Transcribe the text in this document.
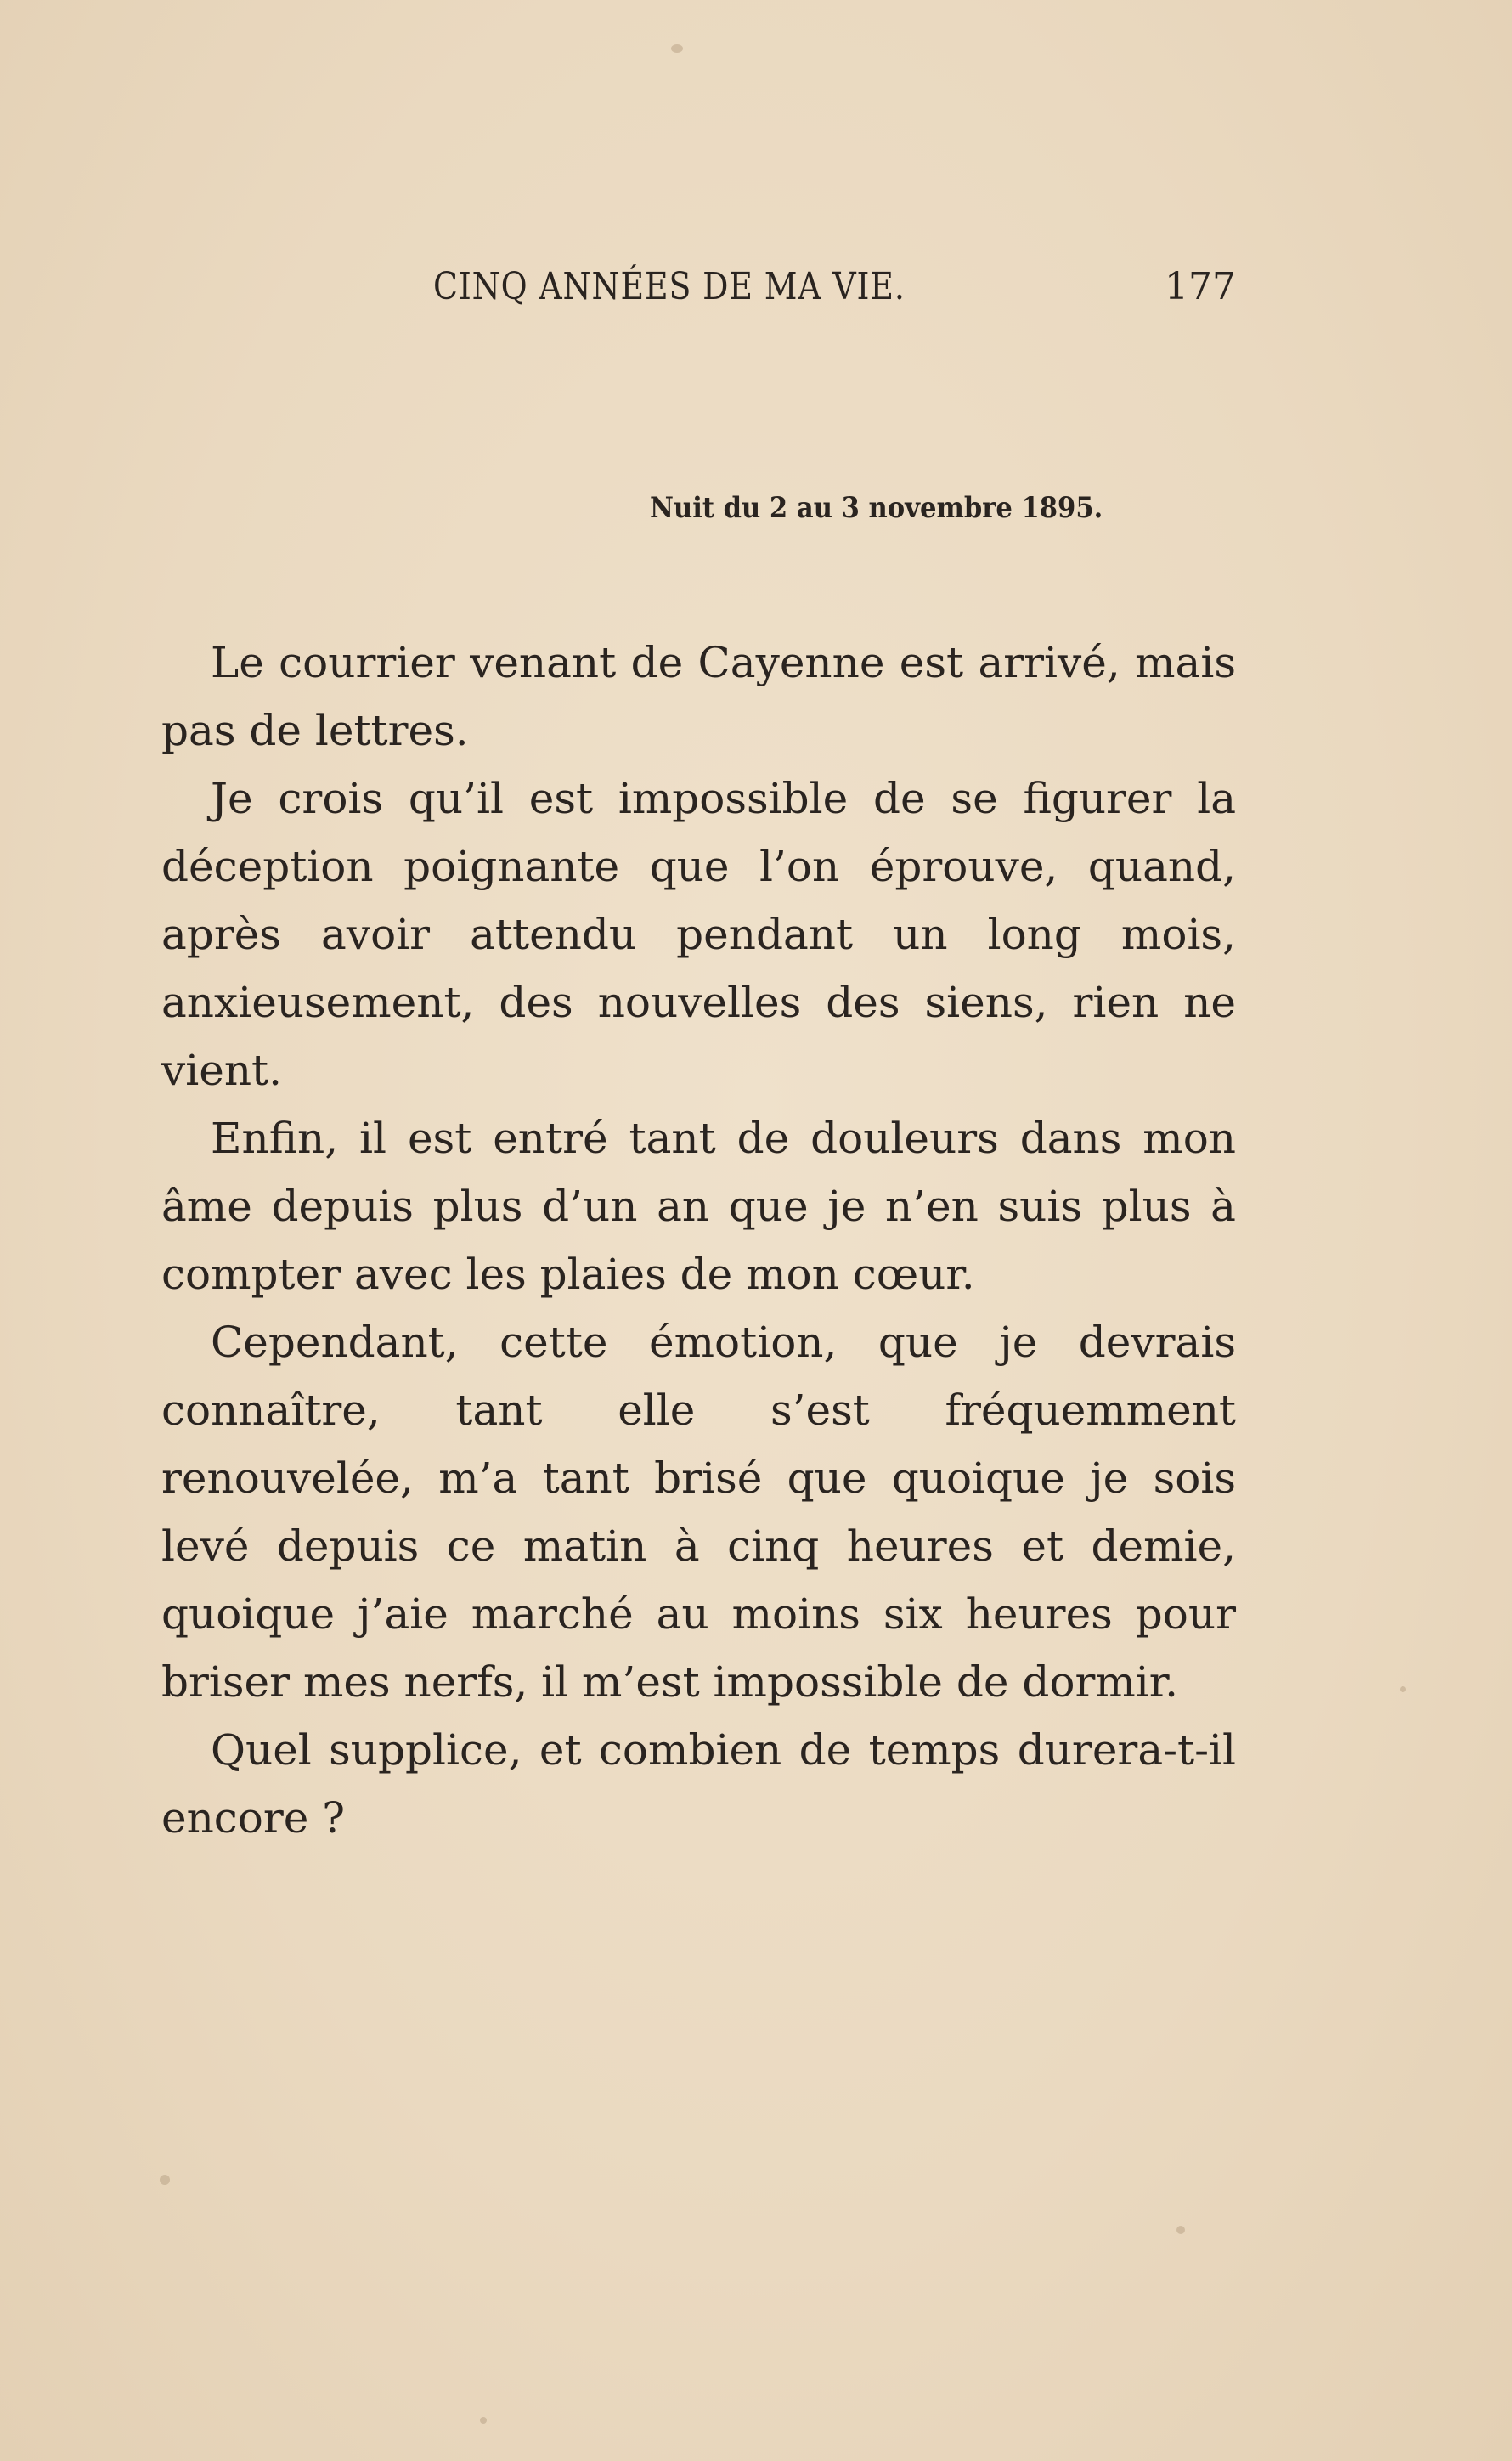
CINQ ANNÉES DE MA VIE.	177
Nuit du 2 au 3 novembre 1895.

Le courrier venant de Cayenne est arrivé, mais pas de lettres.

Je crois qu’il est impossible de se figurer la déception poignante que l’on éprouve, quand, après avoir attendu pendant un long mois, anxieusement, des nouvelles des siens, rien ne vient.

Enfin, il est entré tant de douleurs dans mon âme depuis plus d’un an que je n’en suis plus à compter avec les plaies de mon cœur.

Cependant, cette émotion, que je devrais connaître, tant elle s’est fréquemment renouvelée, m’a tant brisé que quoique je sois levé depuis ce matin à cinq heures et demie, quoique j’aie marché au moins six heures pour briser mes nerfs, il m’est impossible de dormir.

Quel supplice, et combien de temps durera-t-il encore ?
